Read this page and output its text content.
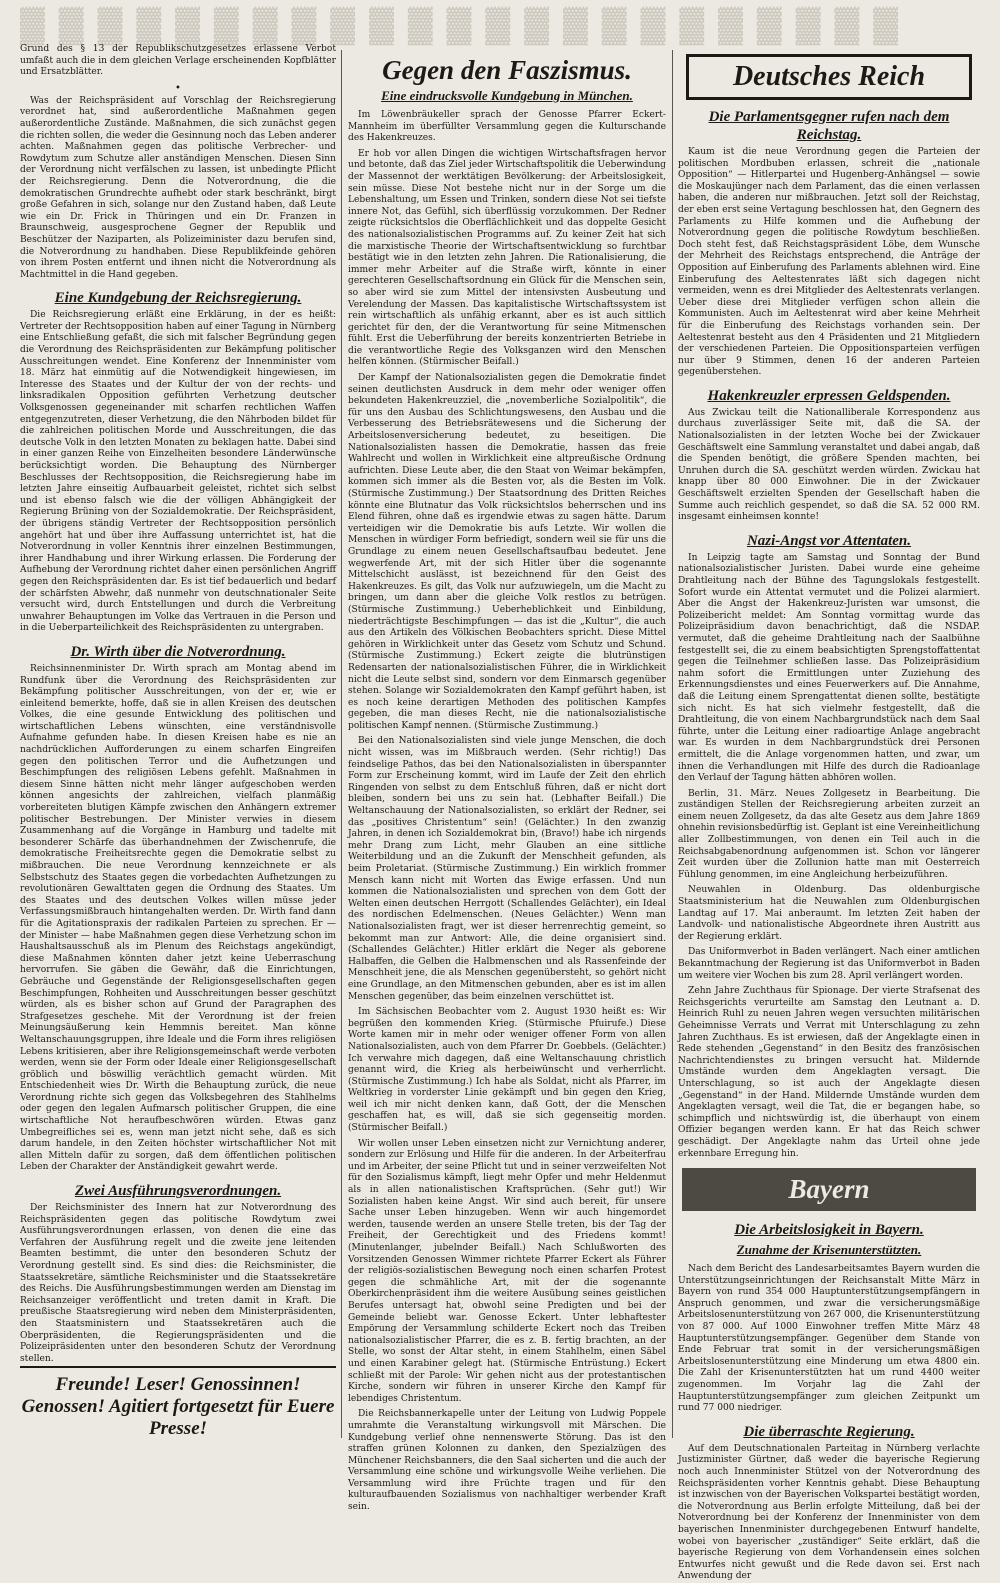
▓▓▓▓▓▓▓▓▓▓▓▓▓▓▓▓▓▓▓▓▓▓▓

Grund des § 13 der Republikschutzgesetzes erlassene Verbot umfaßt auch die in dem gleichen Verlage erscheinenden Kopfblätter und Ersatzblätter.

•

Was der Reichspräsident auf Vorschlag der Reichsregierung verordnet hat, sind außerordentliche Maßnahmen gegen außerordentliche Zustände. Maßnahmen, die sich zunächst gegen die richten sollen, die weder die Gesinnung noch das Leben anderer achten. Maßnahmen gegen das politische Verbrecher- und Rowdytum zum Schutze aller anständigen Menschen. Diesen Sinn der Verordnung nicht verfälschen zu lassen, ist unbedingte Pflicht der Reichsregierung. Denn die Notverordnung, die die demokratischen Grundrechte aufhebt oder stark beschränkt, birgt große Gefahren in sich, solange nur den Zustand haben, daß Leute wie ein Dr. Frick in Thüringen und ein Dr. Franzen in Braunschweig, ausgesprochene Gegner der Republik und Beschützer der Naziparten, als Polizeiminister dazu berufen sind, die Notverordnung zu handhaben. Diese Republikfeinde gehören von ihrem Posten entfernt und ihnen nicht die Notverordnung als Machtmittel in die Hand gegeben.

Eine Kundgebung der Reichsregierung.

Die Reichsregierung erläßt eine Erklärung, in der es heißt: Vertreter der Rechtsopposition haben auf einer Tagung in Nürnberg eine Entschließung gefaßt, die sich mit falscher Begründung gegen die Verordnung des Reichspräsidenten zur Bekämpfung politischer Ausschreitungen wendet. Eine Konferenz der Innenminister vom 18. März hat einmütig auf die Notwendigkeit hingewiesen, im Interesse des Staates und der Kultur der von der rechts- und linksradikalen Opposition geführten Verhetzung deutscher Volksgenossen gegeneinander mit scharfen rechtlichen Waffen entgegenzutreten, dieser Verhetzung, die den Nährboden bildet für die zahlreichen politischen Morde und Ausschreitungen, die das deutsche Volk in den letzten Monaten zu beklagen hatte. Dabei sind in einer ganzen Reihe von Einzelheiten besondere Länderwünsche berücksichtigt worden. Die Behauptung des Nürnberger Beschlusses der Rechtsopposition, die Reichsregierung habe im letzten Jahre einseitig Aufbauarbeit geleistet, richtet sich selbst und ist ebenso falsch wie die der völligen Abhängigkeit der Regierung Brüning von der Sozialdemokratie. Der Reichspräsident, der übrigens ständig Vertreter der Rechtsopposition persönlich angehört hat und über ihre Auffassung unterrichtet ist, hat die Notverordnung in voller Kenntnis ihrer einzelnen Bestimmungen, ihrer Handhabung und ihrer Wirkung erlassen. Die Forderung der Aufhebung der Verordnung richtet daher einen persönlichen Angriff gegen den Reichspräsidenten dar. Es ist tief bedauerlich und bedarf der schärfsten Abwehr, daß nunmehr von deutschnationaler Seite versucht wird, durch Entstellungen und durch die Verbreitung unwahrer Behauptungen im Volke das Vertrauen in die Person und in die Ueberparteilichkeit des Reichspräsidenten zu untergraben.

Dr. Wirth über die Notverordnung.

Reichsinnenminister Dr. Wirth sprach am Montag abend im Rundfunk über die Verordnung des Reichspräsidenten zur Bekämpfung politischer Ausschreitungen, von der er, wie er einleitend bemerkte, hoffe, daß sie in allen Kreisen des deutschen Volkes, die eine gesunde Entwicklung des politischen und wirtschaftlichen Lebens wünschten, eine verständnisvolle Aufnahme gefunden habe. In diesen Kreisen habe es nie an nachdrücklichen Aufforderungen zu einem scharfen Eingreifen gegen den politischen Terror und die Aufhetzungen und Beschimpfungen des religiösen Lebens gefehlt. Maßnahmen in diesem Sinne hätten nicht mehr länger aufgeschoben werden können angesichts der zahlreichen, vielfach planmäßig vorbereiteten blutigen Kämpfe zwischen den Anhängern extremer politischer Bestrebungen. Der Minister verwies in diesem Zusammenhang auf die Vorgänge in Hamburg und tadelte mit besonderer Schärfe das überhandnehmen der Zwischenrufe, die demokratische Freiheitsrechte gegen die Demokratie selbst zu mißbrauchen. Die neue Verordnung kennzeichnete er als Selbstschutz des Staates gegen die vorbedachten Aufhetzungen zu revolutionären Gewalttaten gegen die Ordnung des Staates. Um des Staates und des deutschen Volkes willen müsse jeder Verfassungsmißbrauch hintangehalten werden. Dr. Wirth fand dann für die Agitationspraxis der radikalen Parteien zu sprechen. Er — der Minister — habe Maßnahmen gegen diese Verhetzung schon im Haushaltsausschuß als im Plenum des Reichstags angekündigt, diese Maßnahmen könnten daher jetzt keine Ueberraschung hervorrufen. Sie gäben die Gewähr, daß die Einrichtungen, Gebräuche und Gegenstände der Religionsgesellschaften gegen Beschimpfungen, Rohheiten und Ausschreitungen besser geschützt würden, als es bisher schon auf Grund der Paragraphen des Strafgesetzes geschehe. Mit der Verordnung ist der freien Meinungsäußerung kein Hemmnis bereitet. Man könne Weltanschauungsgruppen, ihre Ideale und die Form ihres religiösen Lebens kritisieren, aber ihre Religionsgemeinschaft werde verboten werden, wenn sie der Form oder Ideale einer Religionsgesellschaft gröblich und böswillig verächtlich gemacht würden. Mit Entschiedenheit wies Dr. Wirth die Behauptung zurück, die neue Verordnung richte sich gegen das Volksbegehren des Stahlhelms oder gegen den legalen Aufmarsch politischer Gruppen, die eine wirtschaftliche Not heraufbeschwören würden. Etwas ganz Umbegreifliches sei es, wenn man jetzt nicht sehe, daß es sich darum handele, in den Zeiten höchster wirtschaftlicher Not mit allen Mitteln dafür zu sorgen, daß dem öffentlichen politischen Leben der Charakter der Anständigkeit gewahrt werde.

Zwei Ausführungsverordnungen.

Der Reichsminister des Innern hat zur Notverordnung des Reichspräsidenten gegen das politische Rowdytum zwei Ausführungsverordnungen erlassen, von denen die eine das Verfahren der Ausführung regelt und die zweite jene leitenden Beamten bestimmt, die unter den besonderen Schutz der Verordnung gestellt sind. Es sind dies: die Reichsminister, die Staatssekretäre, sämtliche Reichsminister und die Staatssekretäre des Reichs. Die Ausführungsbestimmungen werden am Dienstag im Reichsanzeiger veröffentlicht und treten damit in Kraft. Die preußische Staatsregierung wird neben dem Ministerpräsidenten, den Staatsministern und Staatssekretären auch die Oberpräsidenten, die Regierungspräsidenten und die Polizeipräsidenten unter den besonderen Schutz der Verordnung stellen.

Freunde! Leser! Genossinnen! Genossen! Agitiert fortgesetzt für Euere Presse!
Gegen den Faszismus.
Eine eindrucksvolle Kundgebung in München.

Im Löwenbräukeller sprach der Genosse Pfarrer Eckert-Mannheim im überfüllter Versammlung gegen die Kulturschande des Hakenkreuzes.

Er hob vor allen Dingen die wichtigen Wirtschaftsfragen hervor und betonte, daß das Ziel jeder Wirtschaftspolitik die Ueberwindung der Massennot der werktätigen Bevölkerung: der Arbeitslosigkeit, sein müsse. Diese Not bestehe nicht nur in der Sorge um die Lebenshaltung, um Essen und Trinken, sondern diese Not sei tiefste innere Not, das Gefühl, sich überflüssig vorzukommen. Der Redner zeigte rücksichtslos die Oberflächlichkeit und das doppelte Gesicht des nationalsozialistischen Programms auf. Zu keiner Zeit hat sich die marxistische Theorie der Wirtschaftsentwicklung so furchtbar bestätigt wie in den letzten zehn Jahren. Die Rationalisierung, die immer mehr Arbeiter auf die Straße wirft, könnte in einer gerechteren Gesellschaftsordnung ein Glück für die Menschen sein, so aber wird sie zum Mittel der intensivsten Ausbeutung und Verelendung der Massen. Das kapitalistische Wirtschaftssystem ist rein wirtschaftlich als unfähig erkannt, aber es ist auch sittlich gerichtet für den, der die Verantwortung für seine Mitmenschen fühlt. Erst die Ueberführung der bereits konzentrierten Betriebe in die verantwortliche Regie des Volksganzen wird den Menschen helfen können. (Stürmischer Beifall.)

Der Kampf der Nationalsozialisten gegen die Demokratie findet seinen deutlichsten Ausdruck in dem mehr oder weniger offen bekundeten Hakenkreuzziel, die „novemberliche Sozialpolitik“, die für uns den Ausbau des Schlichtungswesens, den Ausbau und die Verbesserung des Betriebsrätewesens und die Sicherung der Arbeitslosenversicherung bedeutet, zu beseitigen. Die Nationalsozialisten hassen die Demokratie, hassen das freie Wahlrecht und wollen in Wirklichkeit eine altpreußische Ordnung aufrichten. Diese Leute aber, die den Staat von Weimar bekämpfen, kommen sich immer als die Besten vor, als die Besten im Volk. (Stürmische Zustimmung.) Der Staatsordnung des Dritten Reiches könnte eine Blutnatur das Volk rücksichtslos beherrschen und ins Elend führen, ohne daß es irgendwie etwas zu sagen hätte. Darum verteidigen wir die Demokratie bis aufs Letzte. Wir wollen die Menschen in würdiger Form befriedigt, sondern weil sie für uns die Grundlage zu einem neuen Gesellschaftsaufbau bedeutet. Jene wegwerfende Art, mit der sich Hitler über die sogenannte Mittelschicht auslässt, ist bezeichnend für den Geist des Hakenkreuzes. Es gilt, das Volk nur aufzuwiegeln, um die Macht zu bringen, um dann aber die gleiche Volk restlos zu betrügen. (Stürmische Zustimmung.) Ueberheblichkeit und Einbildung, niederträchtigste Beschimpfungen — das ist die „Kultur“, die auch aus den Artikeln des Völkischen Beobachters spricht. Diese Mittel gehören in Wirklichkeit unter das Gesetz vom Schutz und Schund. (Stürmische Zustimmung.) Eckert zeigte die blutrünstigen Redensarten der nationalsozialistischen Führer, die in Wirklichkeit nicht die Leute selbst sind, sondern vor dem Einmarsch gegenüber stehen. Solange wir Sozialdemokraten den Kampf geführt haben, ist es noch keine derartigen Methoden des politischen Kampfes gegeben, die man dieses Recht, nie die nationalsozialistische politischen Kampf nennen. (Stürmische Zustimmung.)

Bei den Nationalsozialisten sind viele junge Menschen, die doch nicht wissen, was im Mißbrauch werden. (Sehr richtig!) Das feindselige Pathos, das bei den Nationalsozialisten in überspannter Form zur Erscheinung kommt, wird im Laufe der Zeit den ehrlich Ringenden von selbst zu dem Entschluß führen, daß er nicht dort bleiben, sondern bei uns zu sein hat. (Lebhafter Beifall.) Die Weltanschauung der Nationalsozialisten, so erklärt der Redner, sei das „positives Christentum“ sein! (Gelächter.) In den zwanzig Jahren, in denen ich Sozialdemokrat bin, (Bravo!) habe ich nirgends mehr Drang zum Licht, mehr Glauben an eine sittliche Weiterbildung und an die Zukunft der Menschheit gefunden, als beim Proletariat. (Stürmische Zustimmung.) Ein wirklich frommer Mensch kann nicht mit Worten das Ewige erfassen. Und nun kommen die Nationalsozialisten und sprechen von dem Gott der Welten einen deutschen Herrgott (Schallendes Gelächter), ein Ideal des nordischen Edelmenschen. (Neues Gelächter.) Wenn man Nationalsozialisten fragt, wer ist dieser herrenrechtig gemeint, so bekommt man zur Antwort: Alle, die deine organisiert sind. (Schallendes Gelächter.) Hitler erklärt die Neger als geborene Halbaffen, die Gelben die Halbmenschen und als Rassenfeinde der Menschheit jene, die als Menschen gegenübersteht, so gehört nicht eine Grundlage, an den Mitmenschen gebunden, aber es ist im allen Menschen gegenüber, das beim einzelnen verschüttet ist.

Im Sächsischen Beobachter vom 2. August 1930 heißt es: Wir begrüßen den kommenden Krieg. (Stürmische Pfuirufe.) Diese Worte kamen mir in mehr oder weniger offener Form von allen Nationalsozialisten, auch von dem Pfarrer Dr. Goebbels. (Gelächter.) Ich verwahre mich dagegen, daß eine Weltanschauung christlich genannt wird, die Krieg als herbeiwünscht und verherrlicht. (Stürmische Zustimmung.) Ich habe als Soldat, nicht als Pfarrer, im Weltkrieg in vorderster Linie gekämpft und bin gegen den Krieg, weil ich mir nicht denken kann, daß Gott, der die Menschen geschaffen hat, es will, daß sie sich gegenseitig morden. (Stürmischer Beifall.)

Wir wollen unser Leben einsetzen nicht zur Vernichtung anderer, sondern zur Erlösung und Hilfe für die anderen. In der Arbeiterfrau und im Arbeiter, der seine Pflicht tut und in seiner verzweifelten Not für den Sozialismus kämpft, liegt mehr Opfer und mehr Heldenmut als in allen nationalistischen Kraftsprüchen. (Sehr gut!) Wir Sozialisten haben keine Angst. Wir sind auch bereit, für unsere Sache unser Leben hinzugeben. Wenn wir auch hingemordet werden, tausende werden an unsere Stelle treten, bis der Tag der Freiheit, der Gerechtigkeit und des Friedens kommt! (Minutenlanger, jubelnder Beifall.) Nach Schlußworten des Vorsitzenden Genossen Wimmer richtete Pfarrer Eckert als Führer der religiös-sozialistischen Bewegung noch einen scharfen Protest gegen die schmähliche Art, mit der die sogenannte Oberkirchenpräsident ihm die weitere Ausübung seines geistlichen Berufes untersagt hat, obwohl seine Predigten und bei der Gemeinde beliebt war. Genosse Eckert. Unter lebhaftester Empörung der Versammlung schilderte Eckert noch das Treiben nationalsozialistischer Pfarrer, die es z. B. fertig brachten, an der Stelle, wo sonst der Altar steht, in einem Stahlhelm, einen Säbel und einen Karabiner gelegt hat. (Stürmische Entrüstung.) Eckert schließt mit der Parole: Wir gehen nicht aus der protestantischen Kirche, sondern wir führen in unserer Kirche den Kampf für lebendiges Christentum.

Die Reichsbannerkapelle unter der Leitung von Ludwig Poppele umrahmte die Veranstaltung wirkungsvoll mit Märschen. Die Kundgebung verlief ohne nennenswerte Störung. Das ist den straffen grünen Kolonnen zu danken, den Spezialzügen des Münchener Reichsbanners, die den Saal sicherten und die auch der Versammlung eine schöne und wirkungsvolle Weihe verliehen. Die Versammlung wird ihre Früchte tragen und für den kulturaufbauenden Sozialismus von nachhaltiger werbender Kraft sein.

Deutsches Reich
Die Parlamentsgegner rufen nach dem Reichstag.

Kaum ist die neue Verordnung gegen die Parteien der politischen Mordbuben erlassen, schreit die „nationale Opposition“ — Hitlerpartei und Hugenberg-Anhängsel — sowie die Moskaujünger nach dem Parlament, das die einen verlassen haben, die anderen nur mißbrauchen. Jetzt soll der Reichstag, der eben erst seine Vertagung beschlossen hat, den Gegnern des Parlaments zu Hilfe kommen und die Aufhebung der Notverordnung gegen die politische Rowdytum beschließen. Doch steht fest, daß Reichstagspräsident Löbe, dem Wunsche der Mehrheit des Reichstags entsprechend, die Anträge der Opposition auf Einberufung des Parlaments ablehnen wird. Eine Einberufung des Aeltestenrates läßt sich dagegen nicht vermeiden, wenn es drei Mitglieder des Aeltestenrats verlangen. Ueber diese drei Mitglieder verfügen schon allein die Kommunisten. Auch im Aeltestenrat wird aber keine Mehrheit für die Einberufung des Reichstags vorhanden sein. Der Aeltestenrat besteht aus den 4 Präsidenten und 21 Mitgliedern der verschiedenen Parteien. Die Oppositionsparteien verfügen nur über 9 Stimmen, denen 16 der anderen Parteien gegenüberstehen.

Hakenkreuzler erpressen Geldspenden.

Aus Zwickau teilt die Nationalliberale Korrespondenz aus durchaus zuverlässiger Seite mit, daß die SA. der Nationalsozialisten in der letzten Woche bei der Zwickauer Geschäftswelt eine Sammlung veranstaltet und dabei angab, daß die Spenden benötigt, die größere Spenden machten, bei Unruhen durch die SA. geschützt werden würden. Zwickau hat knapp über 80 000 Einwohner. Die in der Zwickauer Geschäftswelt erzielten Spenden der Gesellschaft haben die Summe auch reichlich gespendet, so daß die SA. 52 000 RM. insgesamt einheimsen konnte!

Nazi-Angst vor Attentaten.

In Leipzig tagte am Samstag und Sonntag der Bund nationalsozialistischer Juristen. Dabei wurde eine geheime Drahtleitung nach der Bühne des Tagungslokals festgestellt. Sofort wurde ein Attentat vermutet und die Polizei alarmiert. Aber die Angst der Hakenkreuz-Juristen war umsonst, die Polizeibericht meldet: Am Sonntag vormittag wurde das Polizeipräsidium davon benachrichtigt, daß die NSDAP. vermutet, daß die geheime Drahtleitung nach der Saalbühne festgestellt sei, die zu einem beabsichtigten Sprengstoffattentat gegen die Teilnehmer schließen lasse. Das Polizeipräsidium nahm sofort die Ermittlungen unter Zuziehung des Erkennungsdienstes und eines Feuerwerkers auf. Die Annahme, daß die Leitung einem Sprengattentat dienen sollte, bestätigte sich nicht. Es hat sich vielmehr festgestellt, daß die Drahtleitung, die von einem Nachbargrundstück nach dem Saal führte, unter die Leitung einer radioartige Anlage angebracht war. Es wurden in dem Nachbargrundstück drei Personen ermittelt, die die Anlage vorgenommen hatten, und zwar, um ihnen die Verhandlungen mit Hilfe des durch die Radioanlage den Verlauf der Tagung hätten abhören wollen.

Berlin, 31. März. Neues Zollgesetz in Bearbeitung. Die zuständigen Stellen der Reichsregierung arbeiten zurzeit an einem neuen Zollgesetz, da das alte Gesetz aus dem Jahre 1869 ohnehin revisionsbedürftig ist. Geplant ist eine Vereinheitlichung aller Zollbestimmungen, von denen ein Teil auch in die Reichsabgabenordnung aufgenommen ist. Schon vor längerer Zeit wurden über die Zollunion hatte man mit Oesterreich Fühlung genommen, im eine Angleichung herbeizuführen.

Neuwahlen in Oldenburg. Das oldenburgische Staatsministerium hat die Neuwahlen zum Oldenburgischen Landtag auf 17. Mai anberaumt. Im letzten Zeit haben der Landvolk- und nationalistische Abgeordnete ihren Austritt aus der Regierung erklärt.

Das Uniformverbot in Baden verlängert. Nach einer amtlichen Bekanntmachung der Regierung ist das Uniformverbot in Baden um weitere vier Wochen bis zum 28. April verlängert worden.

Zehn Jahre Zuchthaus für Spionage. Der vierte Strafsenat des Reichsgerichts verurteilte am Samstag den Leutnant a. D. Heinrich Ruhl zu neuen Jahren wegen versuchten militärischen Geheimnisse Verrats und Verrat mit Unterschlagung zu zehn Jahren Zuchthaus. Es ist erwiesen, daß der Angeklagte einen in Rede stehenden „Gegenstand“ in den Besitz des französischen Nachrichtendienstes zu bringen versucht hat. Mildernde Umstände wurden dem Angeklagten versagt. Die Unterschlagung, so ist auch der Angeklagte diesen „Gegenstand“ in der Hand. Mildernde Umstände wurden dem Angeklagten versagt, weil die Tat, die er begangen habe, so schimpflich und nichtswürdig ist, die überhaupt von einem Offizier begangen werden kann. Er hat das Reich schwer geschädigt. Der Angeklagte nahm das Urteil ohne jede erkennbare Erregung hin.

Bayern
Die Arbeitslosigkeit in Bayern.
Zunahme der Krisenunterstützten.

Nach dem Bericht des Landesarbeitsamtes Bayern wurden die Unterstützungseinrichtungen der Reichsanstalt Mitte März in Bayern von rund 354 000 Hauptunterstützungsempfängern in Anspruch genommen, und zwar die versicherungsmäßige Arbeitslosenunterstützung von 267 000, die Krisenunterstützung von 87 000. Auf 1000 Einwohner treffen Mitte März 48 Hauptunterstützungsempfänger. Gegenüber dem Stande von Ende Februar trat somit in der versicherungsmäßigen Arbeitslosenunterstützung eine Minderung um etwa 4800 ein. Die Zahl der Krisenunterstützten hat um rund 4400 weiter zugenommen. Im Vorjahr lag die Zahl der Hauptunterstützungsempfänger zum gleichen Zeitpunkt um rund 77 000 niedriger.

Die überraschte Regierung.

Auf dem Deutschnationalen Parteitag in Nürnberg verlachte Justizminister Gürtner, daß weder die bayerische Regierung noch auch Innenminister Stützel von der Notverordnung des Reichspräsidenten vorher Kenntnis gehabt. Diese Behauptung ist inzwischen von der Bayerischen Volkspartei bestätigt worden, die Notverordnung aus Berlin erfolgte Mitteilung, daß bei der Notverordnung bei der Konferenz der Innenminister von dem bayerischen Innenminister durchgegebenen Entwurf handelte, wobei von bayerischer „zuständiger“ Seite erklärt, daß die bayerische Regierung von dem Vorhandensein eines solchen Entwurfes nicht gewußt und die Rede davon sei. Erst nach Anwendung der
